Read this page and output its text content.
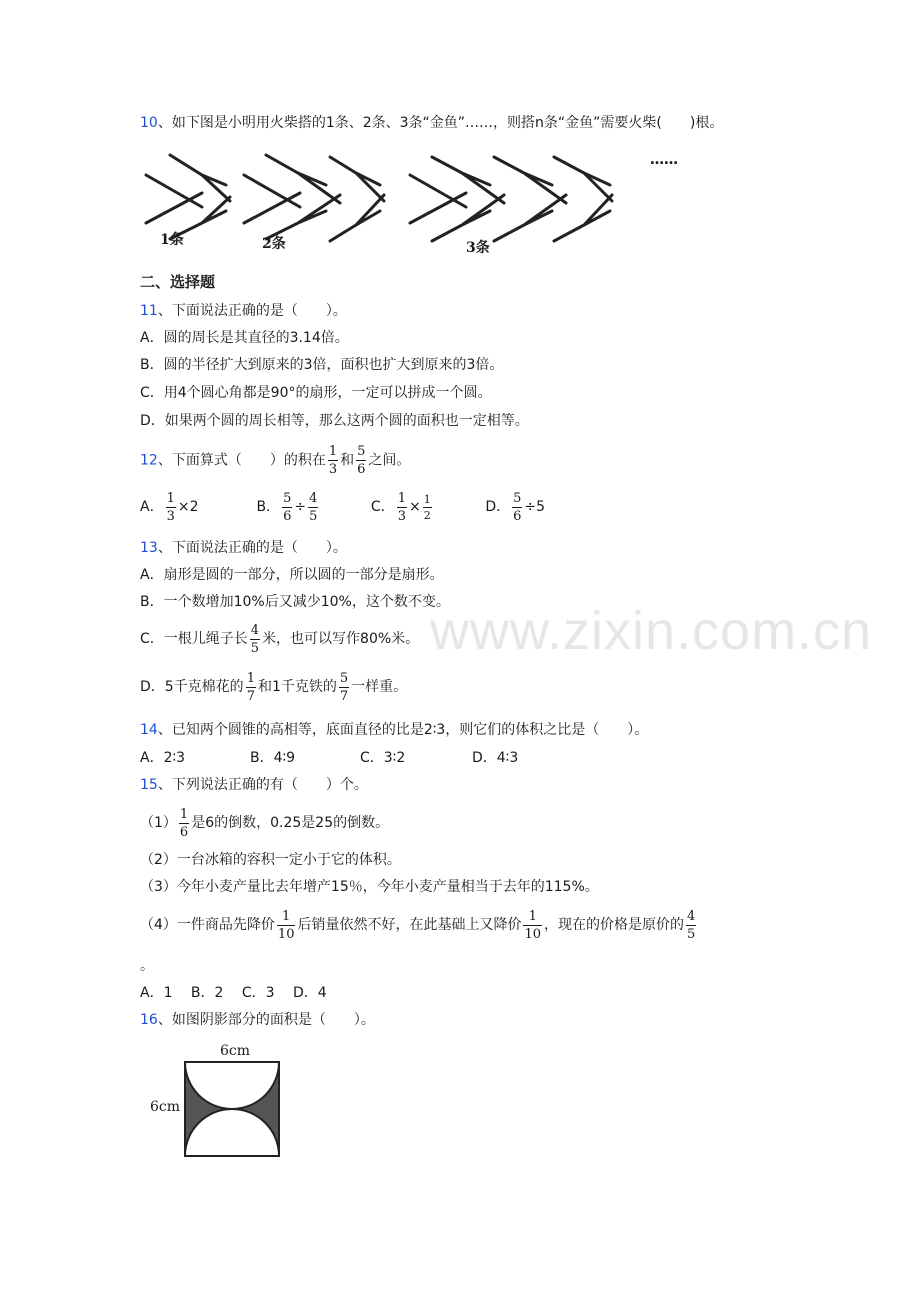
10、如下图是小明用火柴搭的1条、2条、3条“金鱼”……，则搭n条“金鱼”需要火柴(　　)根。
1条	2条	3条
……
二、选择题
11、下面说法正确的是（　　）。
A．圆的周长是其直径的3.14倍。
B．圆的半径扩大到原来的3倍，面积也扩大到原来的3倍。
C．用4个圆心角都是90°的扇形，一定可以拼成一个圆。
D．如果两个圆的周长相等，那么这两个圆的面积也一定相等。
12、下面算式（　　）的积在 $\frac{1}{3}$ 和 $\frac{5}{6}$ 之间。
A． $\frac{1}{3} \times 2$	B． $\frac{5}{6} \div \frac{4}{5}$	C． $\frac{1}{3} \times \frac{1}{2}$	D． $\frac{5}{6} \div 5$
13、下面说法正确的是（　　）。
A．扇形是圆的一部分，所以圆的一部分是扇形。
B．一个数增加10%后又减少10%，这个数不变。
C．一根儿绳子长 $\frac{4}{5}$ 米，也可以写作80%米。
D．5千克棉花的 $\frac{1}{7}$ 和1千克铁的 $\frac{5}{7}$ 一样重。
14、已知两个圆锥的高相等，底面直径的比是2∶3，则它们的体积之比是（　　）。
A．2∶3	B．4∶9	C．3∶2	D．4∶3
15、下列说法正确的有（　　）个。
$(1) \frac{1}{6}$ 是6的倒数，0.25是25的倒数。
（2）一台冰箱的容积一定小于它的体积。
（3）今年小麦产量比去年增产15％，今年小麦产量相当于去年的115%。
（4）一件商品先降价 $\frac{1}{10}$ 后销量依然不好，在此基础上又降价 $\frac{1}{10}$ ，现在的价格是原价的 $\frac{4}{5}$
。
A．1　 B．2　 C．3　 D．4
16、如图阴影部分的面积是（　　）。
6cm
6cm
www.zixin.com.cn
